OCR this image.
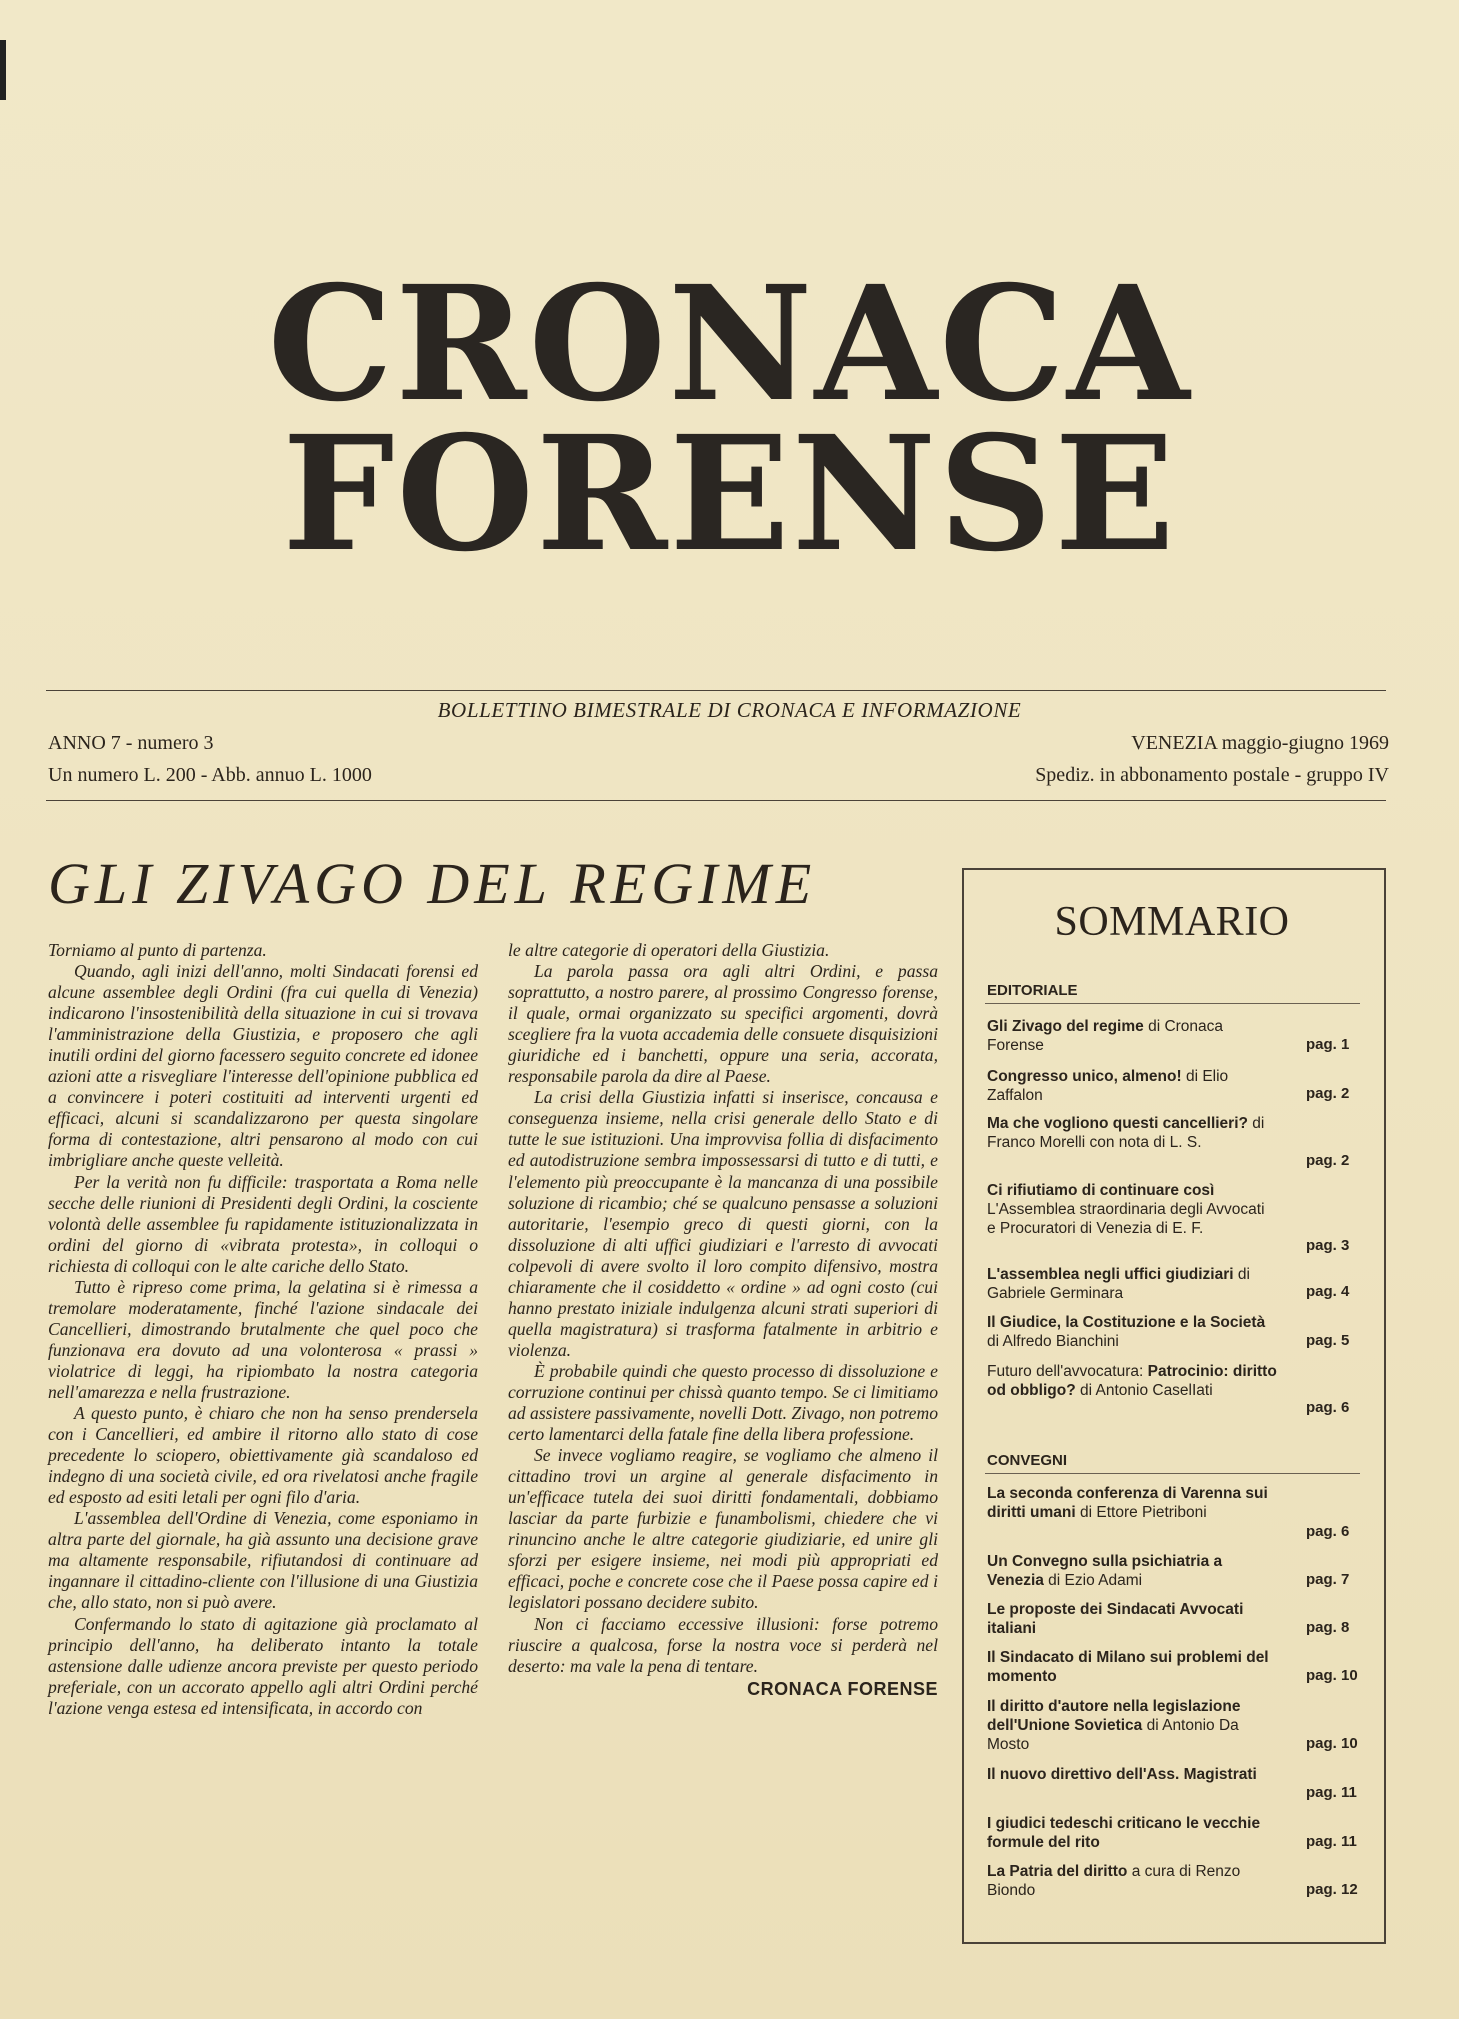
CRONACA
FORENSE
BOLLETTINO BIMESTRALE DI CRONACA E INFORMAZIONE
ANNO 7 - numero 3
Un numero L. 200 - Abb. annuo L. 1000
VENEZIA maggio-giugno 1969
Spediz. in abbonamento postale - gruppo IV
GLI ZIVAGO DEL REGIME

Torniamo al punto di partenza.

Quando, agli inizi dell'anno, molti Sindacati forensi ed alcune assemblee degli Ordini (fra cui quella di Venezia) indicarono l'insostenibilità della situazione in cui si trovava l'amministrazione della Giustizia, e proposero che agli inutili ordini del giorno facessero seguito concrete ed idonee azioni atte a risvegliare l'interesse dell'opinione pubblica ed a convincere i poteri costituiti ad interventi urgenti ed efficaci, alcuni si scandalizzarono per questa singolare forma di contestazione, altri pensarono al modo con cui imbrigliare anche queste velleità.

Per la verità non fu difficile: trasportata a Roma nelle secche delle riunioni di Presidenti degli Ordini, la cosciente volontà delle assemblee fu rapidamente istituzionalizzata in ordini del giorno di «vibrata protesta», in colloqui o richiesta di colloqui con le alte cariche dello Stato.

Tutto è ripreso come prima, la gelatina si è rimessa a tremolare moderatamente, finché l'azione sindacale dei Cancellieri, dimostrando brutalmente che quel poco che funzionava era dovuto ad una volonterosa « prassi » violatrice di leggi, ha ripiombato la nostra categoria nell'amarezza e nella frustrazione.

A questo punto, è chiaro che non ha senso prendersela con i Cancellieri, ed ambire il ritorno allo stato di cose precedente lo sciopero, obiettivamente già scandaloso ed indegno di una società civile, ed ora rivelatosi anche fragile ed esposto ad esiti letali per ogni filo d'aria.

L'assemblea dell'Ordine di Venezia, come esponiamo in altra parte del giornale, ha già assunto una decisione grave ma altamente responsabile, rifiutandosi di continuare ad ingannare il cittadino-cliente con l'illusione di una Giustizia che, allo stato, non si può avere.

Confermando lo stato di agitazione già proclamato al principio dell'anno, ha deliberato intanto la totale astensione dalle udienze ancora previste per questo periodo preferiale, con un accorato appello agli altri Ordini perché l'azione venga estesa ed intensificata, in accordo con

le altre categorie di operatori della Giustizia.

La parola passa ora agli altri Ordini, e passa soprattutto, a nostro parere, al prossimo Congresso forense, il quale, ormai organizzato su specifici argomenti, dovrà scegliere fra la vuota accademia delle consuete disquisizioni giuridiche ed i banchetti, oppure una seria, accorata, responsabile parola da dire al Paese.

La crisi della Giustizia infatti si inserisce, concausa e conseguenza insieme, nella crisi generale dello Stato e di tutte le sue istituzioni. Una improvvisa follia di disfacimento ed autodistruzione sembra impossessarsi di tutto e di tutti, e l'elemento più preoccupante è la mancanza di una possibile soluzione di ricambio; ché se qualcuno pensasse a soluzioni autoritarie, l'esempio greco di questi giorni, con la dissoluzione di alti uffici giudiziari e l'arresto di avvocati colpevoli di avere svolto il loro compito difensivo, mostra chiaramente che il cosiddetto « ordine » ad ogni costo (cui hanno prestato iniziale indulgenza alcuni strati superiori di quella magistratura) si trasforma fatalmente in arbitrio e violenza.

È probabile quindi che questo processo di dissoluzione e corruzione continui per chissà quanto tempo. Se ci limitiamo ad assistere passivamente, novelli Dott. Zivago, non potremo certo lamentarci della fatale fine della libera professione.

Se invece vogliamo reagire, se vogliamo che almeno il cittadino trovi un argine al generale disfacimento in un'efficace tutela dei suoi diritti fondamentali, dobbiamo lasciar da parte furbizie e funambolismi, chiedere che vi rinuncino anche le altre categorie giudiziarie, ed unire gli sforzi per esigere insieme, nei modi più appropriati ed efficaci, poche e concrete cose che il Paese possa capire ed i legislatori possano decidere subito.

Non ci facciamo eccessive illusioni: forse potremo riuscire a qualcosa, forse la nostra voce si perderà nel deserto: ma vale la pena di tentare.

CRONACA FORENSE
SOMMARIO
EDITORIALE
CONVEGNI
Gli Zivago del regime di Cronaca Forense	pag. 1
Congresso unico, almeno! di Elio Zaffalon	pag. 2
Ma che vogliono questi cancellieri? di Franco Morelli con nota di L. S.
pag. 2
Ci rifiutiamo di continuare così L'Assemblea straordinaria degli Avvocati e Procuratori di Venezia di E. F.
pag. 3
L'assemblea negli uffici giudiziari di Gabriele Germinara	pag. 4
Il Giudice, la Costituzione e la Società di Alfredo Bianchini	pag. 5
Futuro dell'avvocatura: Patrocinio: diritto od obbligo? di Antonio CaselIati
pag. 6
La seconda conferenza di Varenna sui diritti umani di Ettore Pietriboni
pag. 6
Un Convegno sulla psichiatria a Venezia di Ezio Adami	pag. 7
Le proposte dei Sindacati Avvocati italiani	pag. 8
Il Sindacato di Milano sui problemi del momento	pag. 10
Il diritto d'autore nella legislazione dell'Unione Sovietica di Antonio Da Mosto	pag. 10
Il nuovo direttivo dell'Ass. Magistrati
pag. 11
I giudici tedeschi criticano le vecchie formule del rito	pag. 11
La Patria del diritto a cura di Renzo Biondo	pag. 12
